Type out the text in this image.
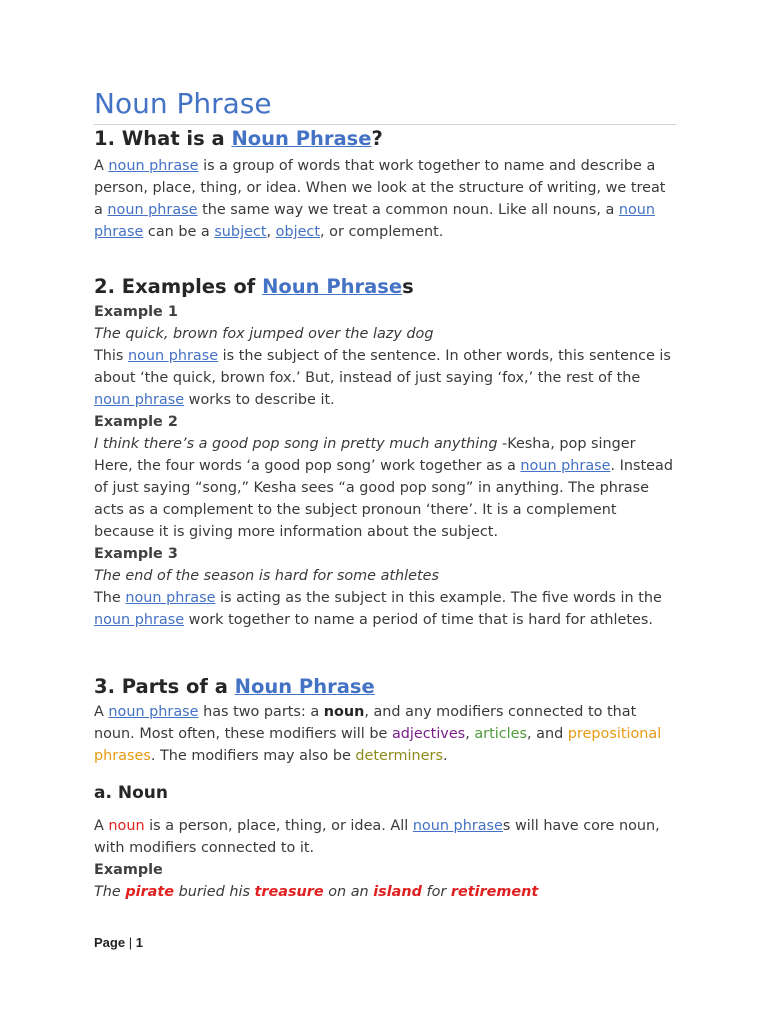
Noun Phrase
1. What is a Noun Phrase?

A noun phrase is a group of words that work together to name and describe a person, place, thing, or idea. When we look at the structure of writing, we treat a noun phrase the same way we treat a common noun. Like all nouns, a noun phrase can be a subject, object, or complement.

2. Examples of Noun Phrases
Example 1
The quick, brown fox jumped over the lazy dog

This noun phrase is the subject of the sentence. In other words, this sentence is about ‘the quick, brown fox.’ But, instead of just saying ‘fox,’ the rest of the noun phrase works to describe it.

Example 2

I think there’s a good pop song in pretty much anything -Kesha, pop singer

Here, the four words ‘a good pop song’ work together as a noun phrase. Instead of just saying “song,” Kesha sees “a good pop song” in anything. The phrase acts as a complement to the subject pronoun ‘there’. It is a complement because it is giving more information about the subject.

Example 3
The end of the season is hard for some athletes

The noun phrase is acting as the subject in this example. The five words in the noun phrase work together to name a period of time that is hard for athletes.

3. Parts of a Noun Phrase

A noun phrase has two parts: a noun, and any modifiers connected to that noun. Most often, these modifiers will be adjectives, articles, and prepositional phrases. The modifiers may also be determiners.

a. Noun

A noun is a person, place, thing, or idea. All noun phrases will have core noun, with modifiers connected to it.

Example
The pirate buried his treasure on an island for retirement
Page | 1
